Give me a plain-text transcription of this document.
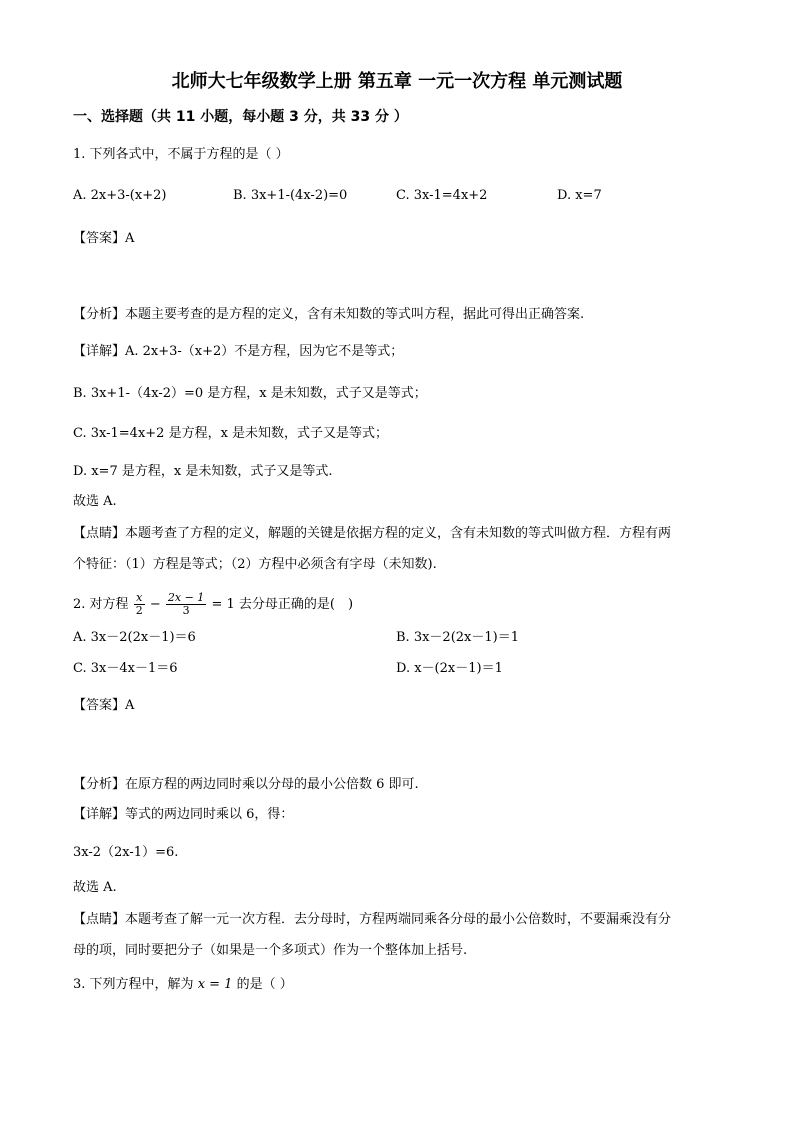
北师大七年级数学上册 第五章 一元一次方程 单元测试题
一、选择题（共 11 小题，每小题 3 分，共 33 分 ）
1. 下列各式中，不属于方程的是（ ）
A. 2x+3-(x+2)	B. 3x+1-(4x-2)=0	C. 3x-1=4x+2	D. x=7
【答案】A
【分析】本题主要考查的是方程的定义，含有未知数的等式叫方程，据此可得出正确答案.
【详解】A. 2x+3-（x+2）不是方程，因为它不是等式；
B. 3x+1-（4x-2）=0 是方程，x 是未知数，式子又是等式；
C. 3x-1=4x+2 是方程，x 是未知数，式子又是等式；
D. x=7 是方程，x 是未知数，式子又是等式.
故选 A.
【点睛】本题考查了方程的定义，解题的关键是依据方程的定义，含有未知数的等式叫做方程．方程有两
个特征：（1）方程是等式；（2）方程中必须含有字母（未知数).
2. 对方程 $\frac{x}{2} - \frac{2x - 1}{3} = 1$ 去分母正确的是(　)
A. 3x－2(2x－1)＝6	B. 3x－2(2x－1)＝1
C. 3x－4x－1＝6	D. x－(2x－1)＝1
【答案】A
【分析】在原方程的两边同时乘以分母的最小公倍数 6 即可.
【详解】等式的两边同时乘以 6，得：
3x-2（2x-1）=6.
故选 A.
【点睛】本题考查了解一元一次方程．去分母时，方程两端同乘各分母的最小公倍数时，不要漏乘没有分
母的项，同时要把分子（如果是一个多项式）作为一个整体加上括号.
3. 下列方程中，解为 x = 1 的是（ ）
